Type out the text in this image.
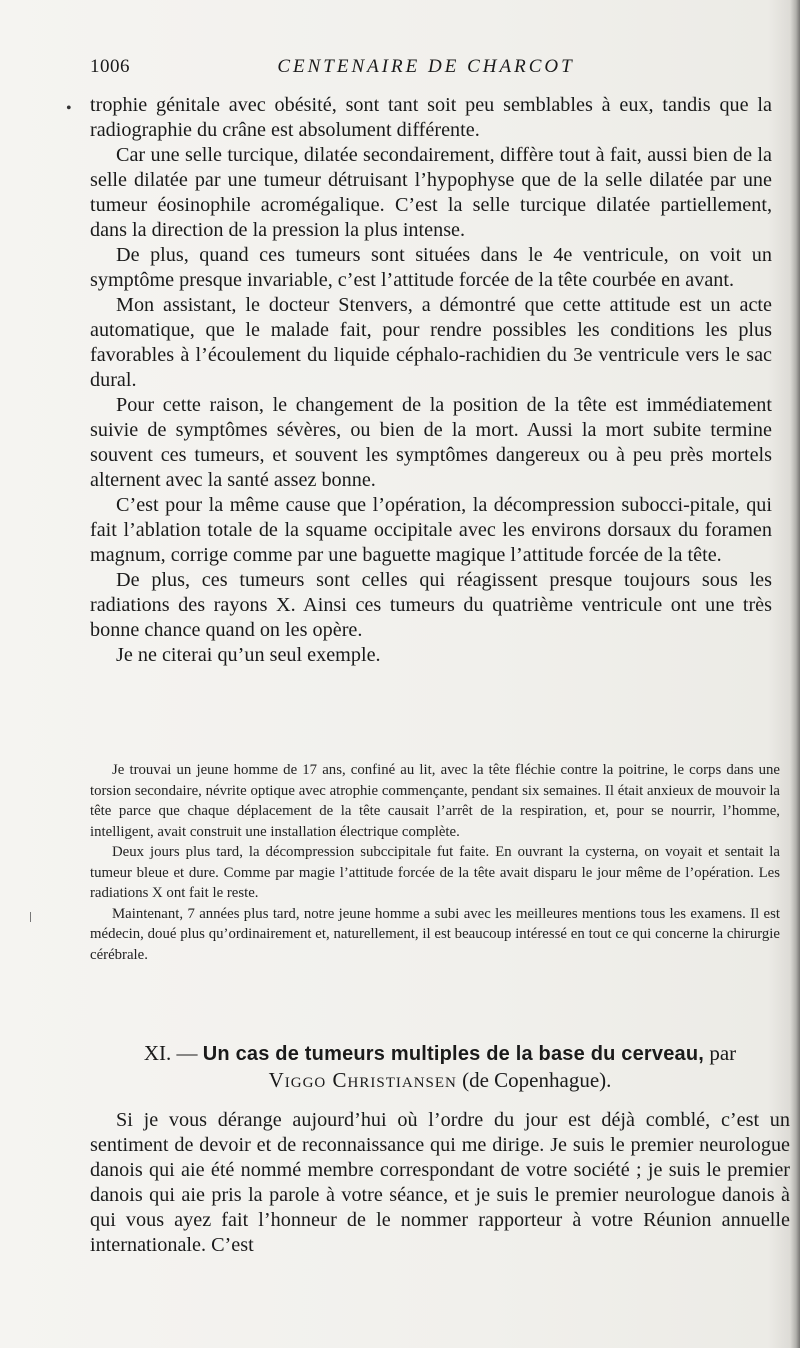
1006	CENTENAIRE DE CHARCOT
• trophie génitale avec obésité, sont tant soit peu semblables à eux, tandis que la radiographie du crâne est absolument différente.

Car une selle turcique, dilatée secondairement, diffère tout à fait, aussi bien de la selle dilatée par une tumeur détruisant l’hypophyse que de la selle dilatée par une tumeur éosinophile acromégalique. C’est la selle turcique dilatée partiellement, dans la direction de la pression la plus intense.

De plus, quand ces tumeurs sont situées dans le 4e ventricule, on voit un symptôme presque invariable, c’est l’attitude forcée de la tête courbée en avant.

Mon assistant, le docteur Stenvers, a démontré que cette attitude est un acte automatique, que le malade fait, pour rendre possibles les conditions les plus favorables à l’écoulement du liquide céphalo-rachidien du 3e ventricule vers le sac dural.

Pour cette raison, le changement de la position de la tête est immédiatement suivie de symptômes sévères, ou bien de la mort. Aussi la mort subite termine souvent ces tumeurs, et souvent les symptômes dangereux ou à peu près mortels alternent avec la santé assez bonne.

C’est pour la même cause que l’opération, la décompression subocci-pitale, qui fait l’ablation totale de la squame occipitale avec les environs dorsaux du foramen magnum, corrige comme par une baguette magique l’attitude forcée de la tête.

De plus, ces tumeurs sont celles qui réagissent presque toujours sous les radiations des rayons X. Ainsi ces tumeurs du quatrième ventricule ont une très bonne chance quand on les opère.

Je ne citerai qu’un seul exemple.

Je trouvai un jeune homme de 17 ans, confiné au lit, avec la tête fléchie contre la poitrine, le corps dans une torsion secondaire, névrite optique avec atrophie commençante, pendant six semaines. Il était anxieux de mouvoir la tête parce que chaque déplacement de la tête causait l’arrêt de la respiration, et, pour se nourrir, l’homme, intelligent, avait construit une installation électrique complète.

Deux jours plus tard, la décompression subccipitale fut faite. En ouvrant la cysterna, on voyait et sentait la tumeur bleue et dure. Comme par magie l’attitude forcée de la tête avait disparu le jour même de l’opération. Les radiations X ont fait le reste.

Maintenant, 7 années plus tard, notre jeune homme a subi avec les meilleures mentions tous les examens. Il est médecin, doué plus qu’ordinairement et, naturellement, il est beaucoup intéressé en tout ce qui concerne la chirurgie cérébrale.

XI. — Un cas de tumeurs multiples de la base du cerveau, par
Viggo Christiansen (de Copenhague).

Si je vous dérange aujourd’hui où l’ordre du jour est déjà comblé, c’est un sentiment de devoir et de reconnaissance qui me dirige. Je suis le premier neurologue danois qui aie été nommé membre correspondant de votre société ; je suis le premier danois qui aie pris la parole à votre séance, et je suis le premier neurologue danois à qui vous ayez fait l’honneur de le nommer rapporteur à votre Réunion annuelle internationale. C’est
